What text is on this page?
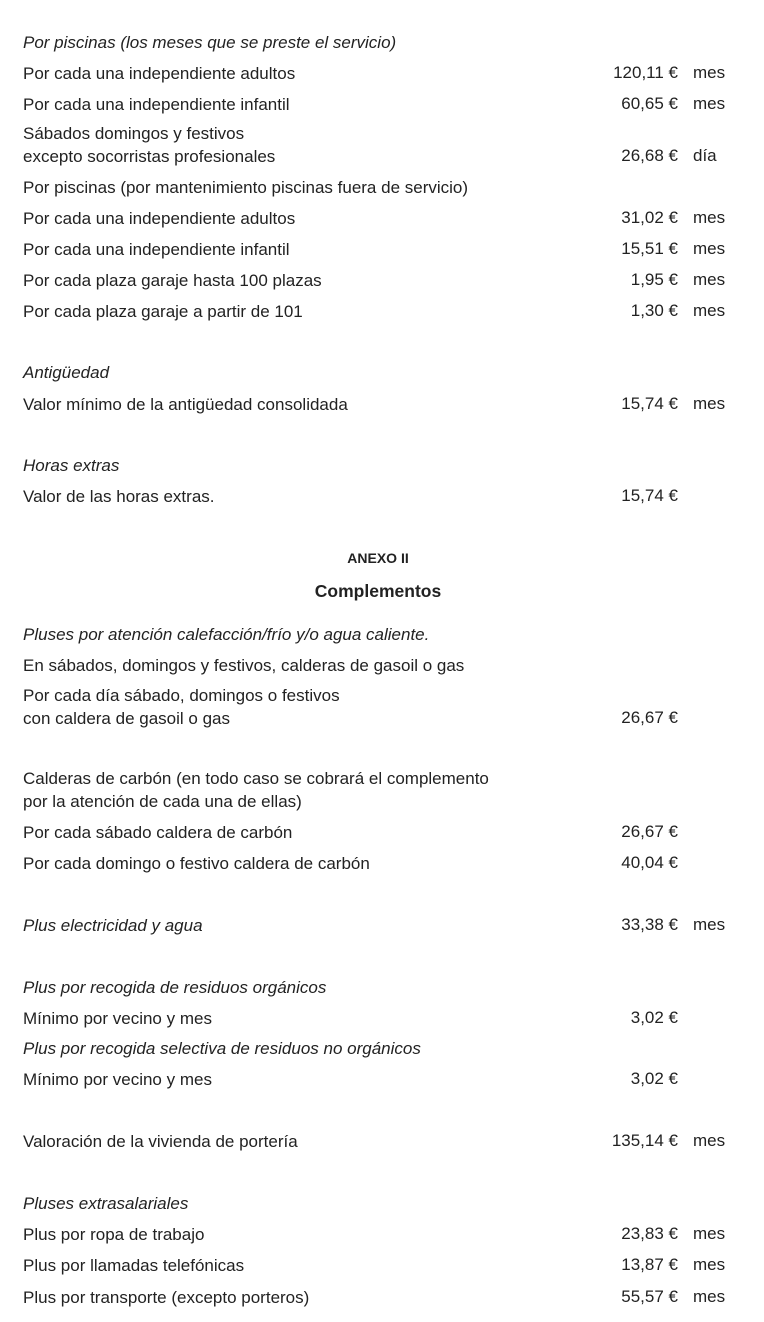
ANEXO II
Complementos
Por piscinas (los meses que se preste el servicio)
Por cada una independiente adultos	120,11 € mes
Por cada una independiente infantil	60,65 € mes
Sábados domingos y festivos
excepto socorristas profesionales	26,68 € día
Por piscinas (por mantenimiento piscinas fuera de servicio)
Por cada una independiente adultos	31,02 € mes
Por cada una independiente infantil	15,51 € mes
Por cada plaza garaje hasta 100 plazas	1,95 € mes
Por cada plaza garaje a partir de 101	1,30 € mes
Antigüedad
Valor mínimo de la antigüedad consolidada	15,74 € mes
Horas extras
Valor de las horas extras.	15,74 €
Pluses por atención calefacción/frío y/o agua caliente.
En sábados, domingos y festivos, calderas de gasoil o gas
Por cada día sábado, domingos o festivos
con caldera de gasoil o gas	26,67 €
Calderas de carbón (en todo caso se cobrará el complemento
por la atención de cada una de ellas)
Por cada sábado caldera de carbón	26,67 €
Por cada domingo o festivo caldera de carbón	40,04 €
Plus electricidad y agua	33,38 € mes
Plus por recogida de residuos orgánicos
Mínimo por vecino y mes	3,02 €
Plus por recogida selectiva de residuos no orgánicos
Mínimo por vecino y mes	3,02 €
Valoración de la vivienda de portería	135,14 € mes
Pluses extrasalariales
Plus por ropa de trabajo	23,83 € mes
Plus por llamadas telefónicas	13,87 € mes
Plus por transporte (excepto porteros)	55,57 € mes
